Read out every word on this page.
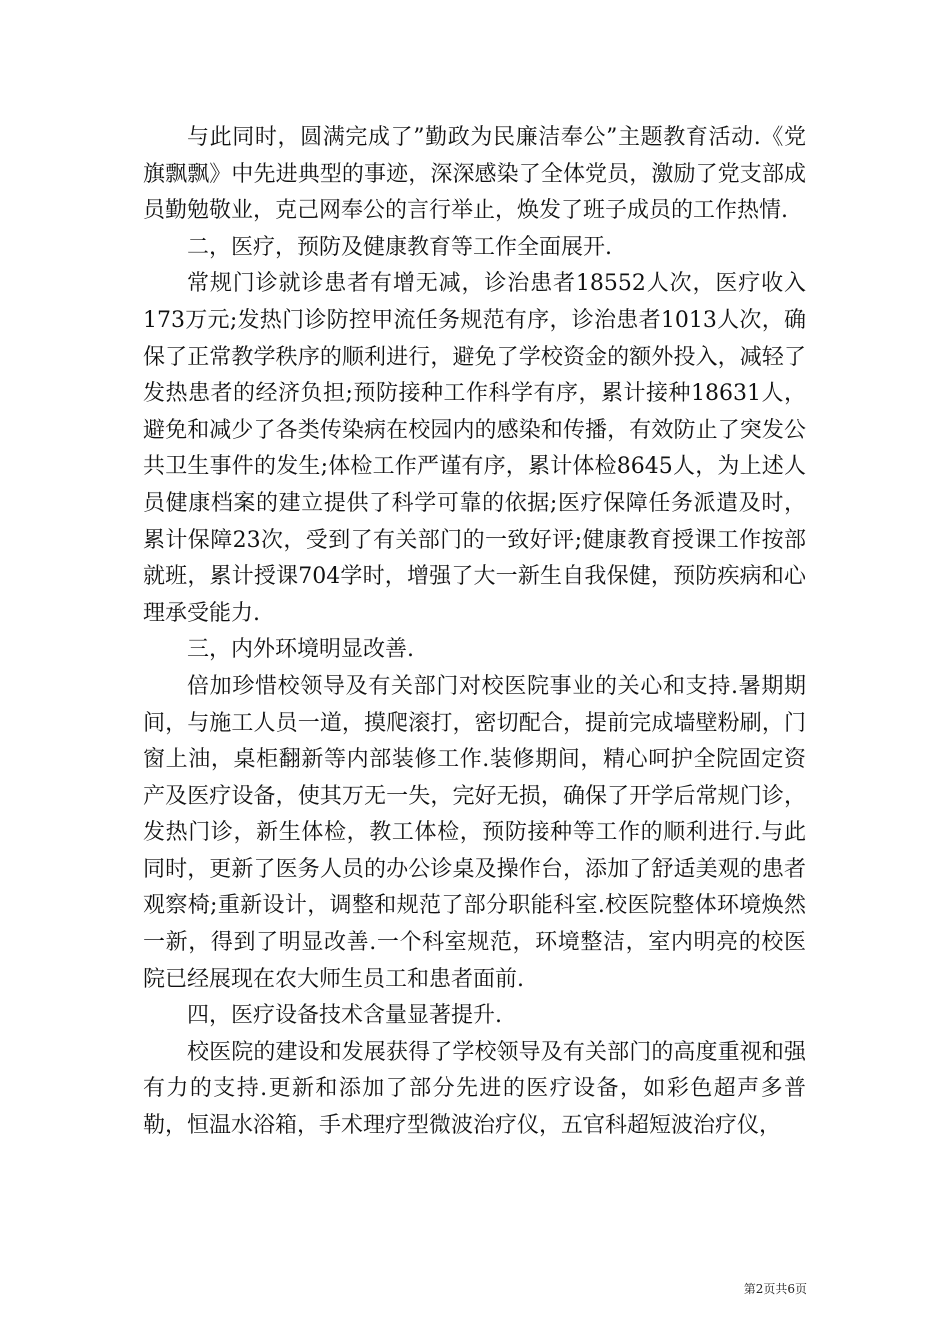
与此同时，圆满完成了”勤政为民廉洁奉公”主题教育活动.《党旗飘飘》中先进典型的事迹，深深感染了全体党员，激励了党支部成员勤勉敬业，克己网奉公的言行举止，焕发了班子成员的工作热情.

二，医疗，预防及健康教育等工作全面展开.

常规门诊就诊患者有增无减，诊治患者18552人次，医疗收入173万元;发热门诊防控甲流任务规范有序，诊治患者1013人次，确保了正常教学秩序的顺利进行，避免了学校资金的额外投入，减轻了发热患者的经济负担;预防接种工作科学有序，累计接种18631人，避免和减少了各类传染病在校园内的感染和传播，有效防止了突发公共卫生事件的发生;体检工作严谨有序，累计体检8645人，为上述人员健康档案的建立提供了科学可靠的依据;医疗保障任务派遣及时，累计保障23次，受到了有关部门的一致好评;健康教育授课工作按部就班，累计授课704学时，增强了大一新生自我保健，预防疾病和心理承受能力.

三，内外环境明显改善.

倍加珍惜校领导及有关部门对校医院事业的关心和支持.暑期期间，与施工人员一道，摸爬滚打，密切配合，提前完成墙壁粉刷，门窗上油，桌柜翻新等内部装修工作.装修期间，精心呵护全院固定资产及医疗设备，使其万无一失，完好无损，确保了开学后常规门诊，发热门诊，新生体检，教工体检，预防接种等工作的顺利进行.与此同时，更新了医务人员的办公诊桌及操作台，添加了舒适美观的患者观察椅;重新设计，调整和规范了部分职能科室.校医院整体环境焕然一新，得到了明显改善.一个科室规范，环境整洁，室内明亮的校医院已经展现在农大师生员工和患者面前.

四，医疗设备技术含量显著提升.

校医院的建设和发展获得了学校领导及有关部门的高度重视和强有力的支持.更新和添加了部分先进的医疗设备，如彩色超声多普勒，恒温水浴箱，手术理疗型微波治疗仪，五官科超短波治疗仪，

第2页共6页
